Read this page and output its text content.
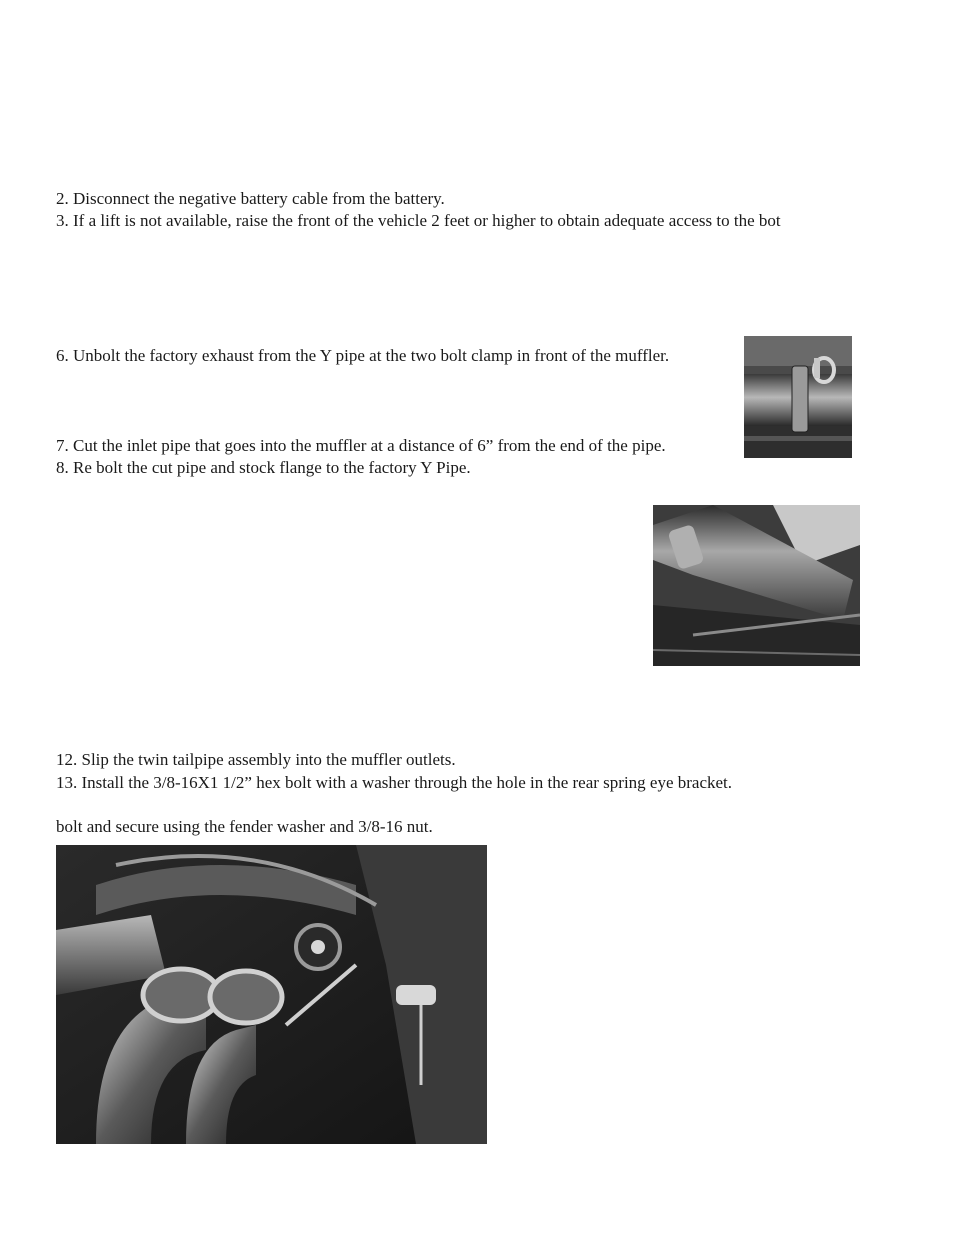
2. Disconnect the negative battery cable from the battery.
3. If a lift is not available, raise the front of the vehicle 2 feet or higher to obtain adequate access to the bot
6. Unbolt the factory exhaust from the Y pipe at the two bolt clamp in front of the muffler.
7. Cut the inlet pipe that goes into the muffler at a distance of 6” from the end of the pipe.
8. Re bolt the cut pipe and stock flange to the factory Y Pipe.
12. Slip the twin tailpipe assembly into the muffler outlets.
13. Install the 3/8-16X1 1/2” hex bolt with a washer through the hole in the rear spring eye bracket.
bolt and secure using the fender washer and 3/8-16 nut.
